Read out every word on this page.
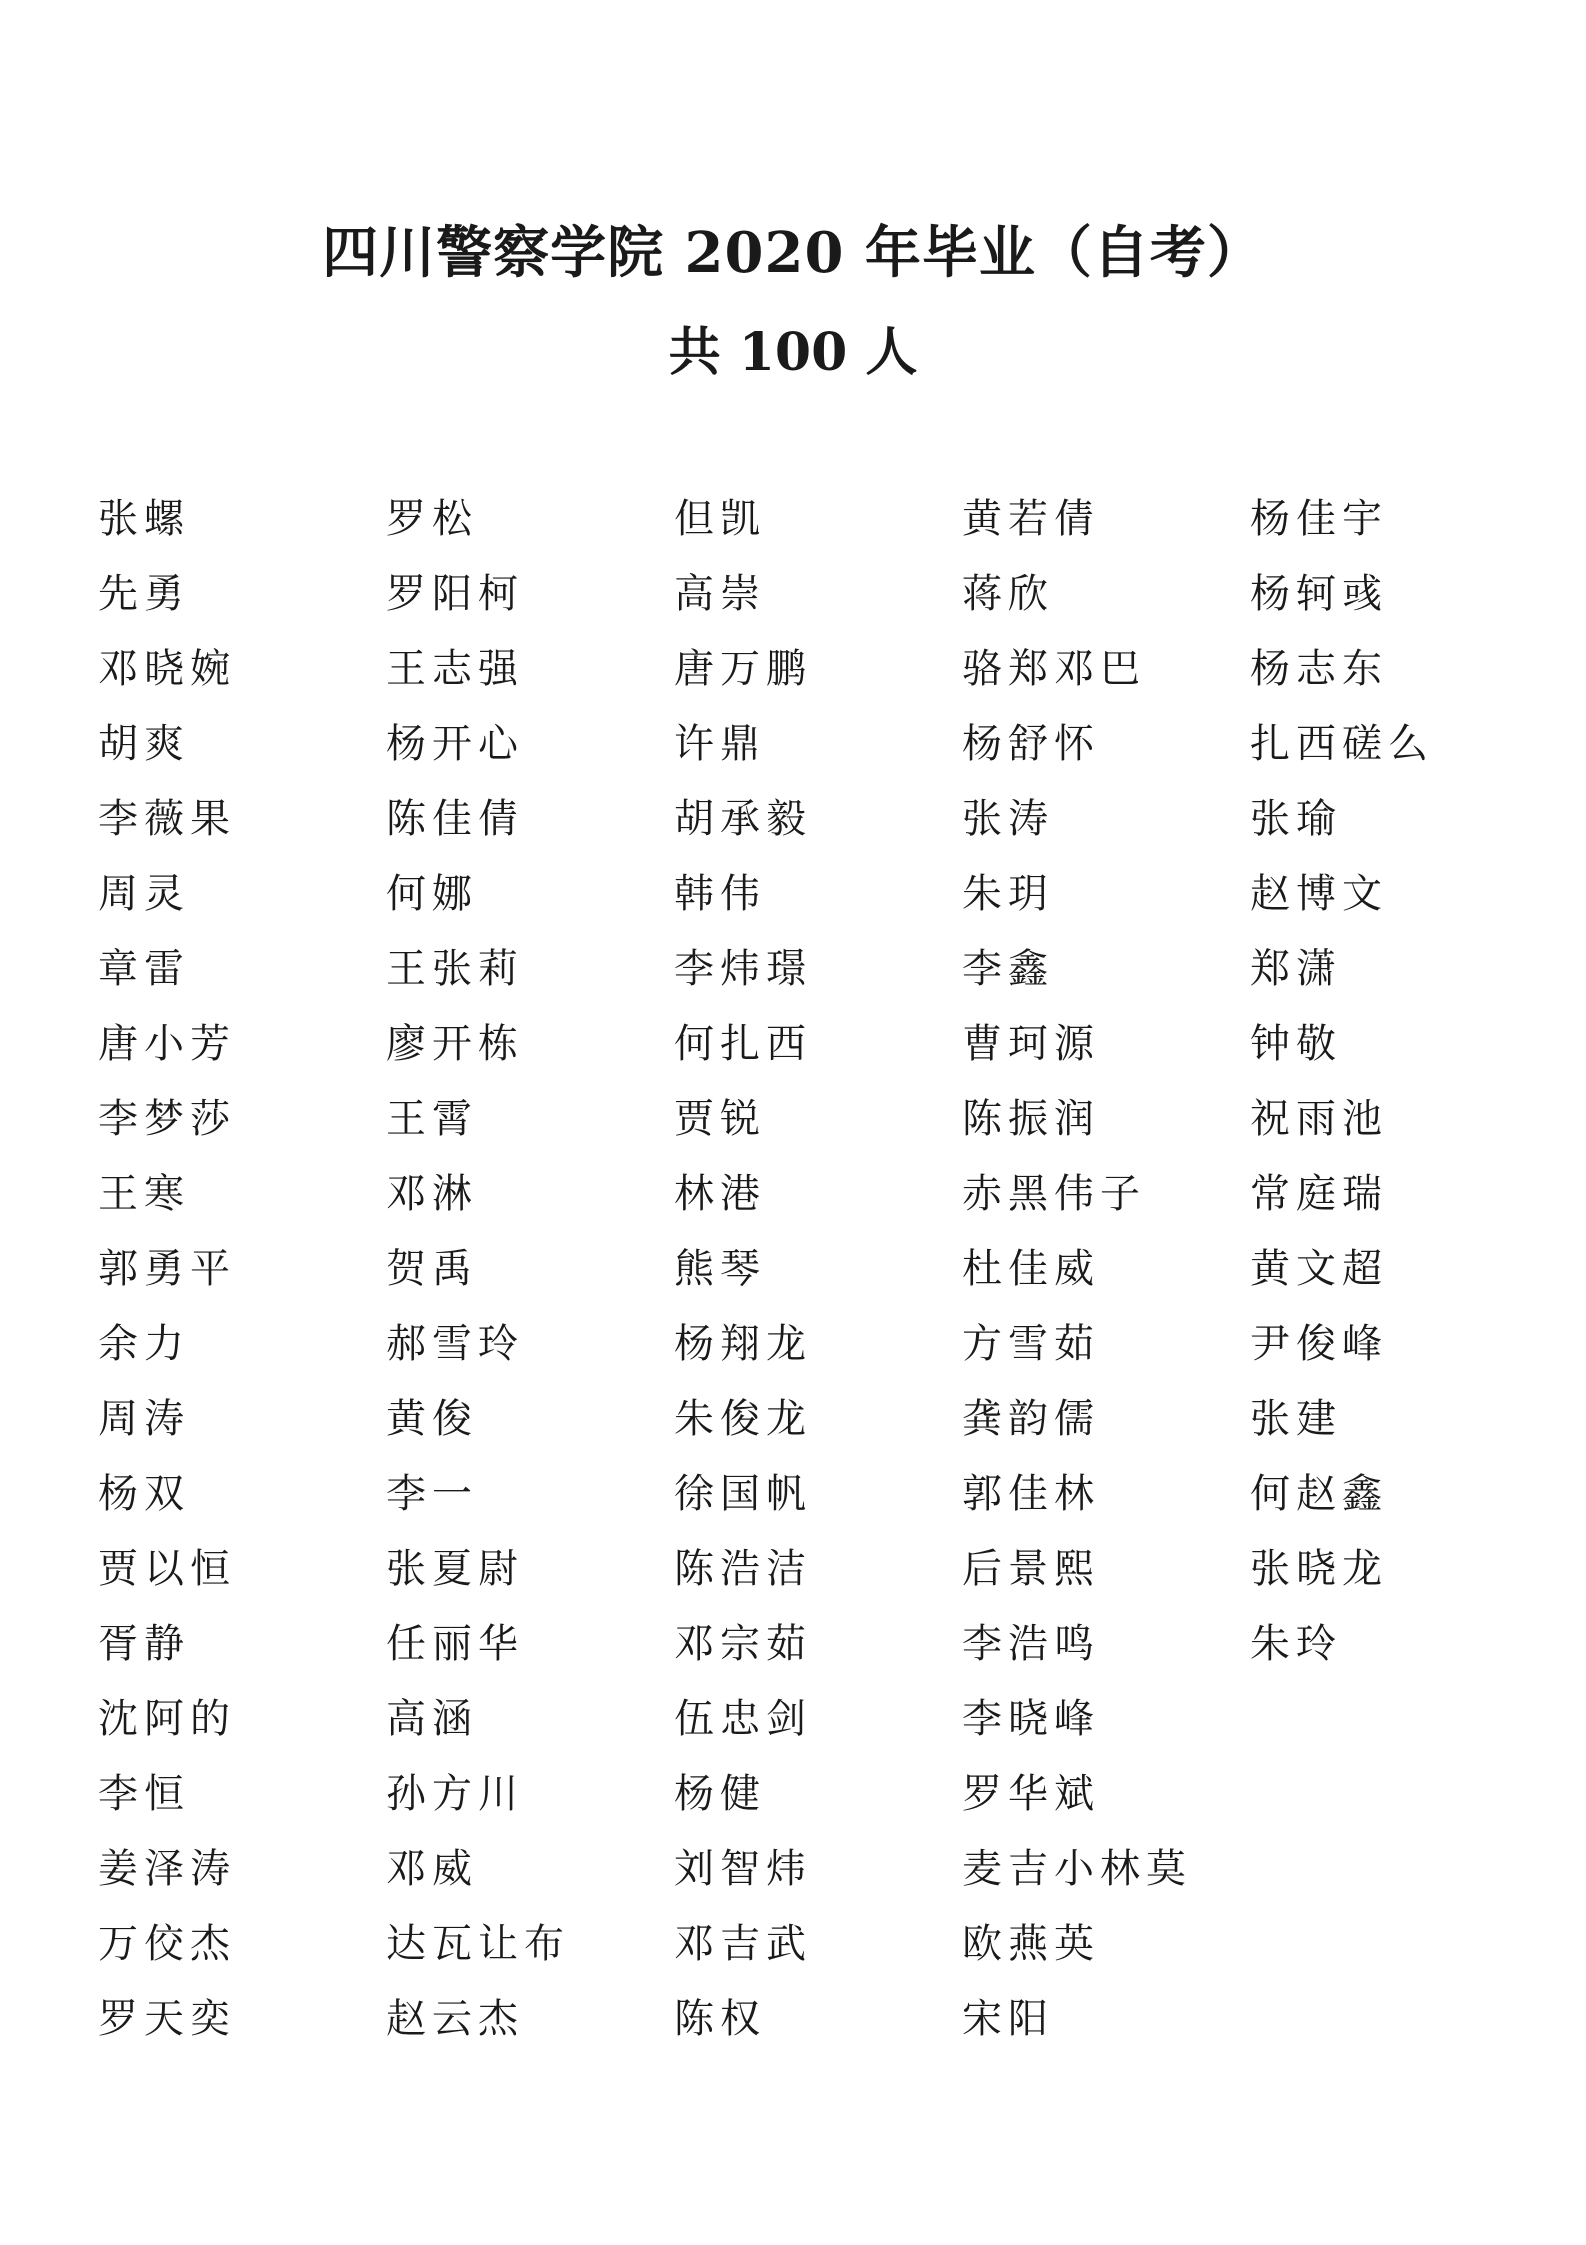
四川警察学院 2020 年毕业（自考）
共 100 人
张螺
先勇
邓晓婉
胡爽
李薇果
周灵
章雷
唐小芳
李梦莎
王寒
郭勇平
余力
周涛
杨双
贾以恒
胥静
沈阿的
李恒
姜泽涛
万佼杰
罗天奕
罗松
罗阳柯
王志强
杨开心
陈佳倩
何娜
王张莉
廖开栋
王霄
邓淋
贺禹
郝雪玲
黄俊
李一
张夏尉
任丽华
高涵
孙方川
邓威
达瓦让布
赵云杰
但凯
高崇
唐万鹏
许鼎
胡承毅
韩伟
李炜璟
何扎西
贾锐
林港
熊琴
杨翔龙
朱俊龙
徐国帆
陈浩洁
邓宗茹
伍忠剑
杨健
刘智炜
邓吉武
陈权
黄若倩
蒋欣
骆郑邓巴
杨舒怀
张涛
朱玥
李鑫
曹珂源
陈振润
赤黑伟子
杜佳威
方雪茹
龚韵儒
郭佳林
后景熙
李浩鸣
李晓峰
罗华斌
麦吉小林莫
欧燕英
宋阳
杨佳宇
杨轲彧
杨志东
扎西磋么
张瑜
赵博文
郑潇
钟敬
祝雨池
常庭瑞
黄文超
尹俊峰
张建
何赵鑫
张晓龙
朱玲
